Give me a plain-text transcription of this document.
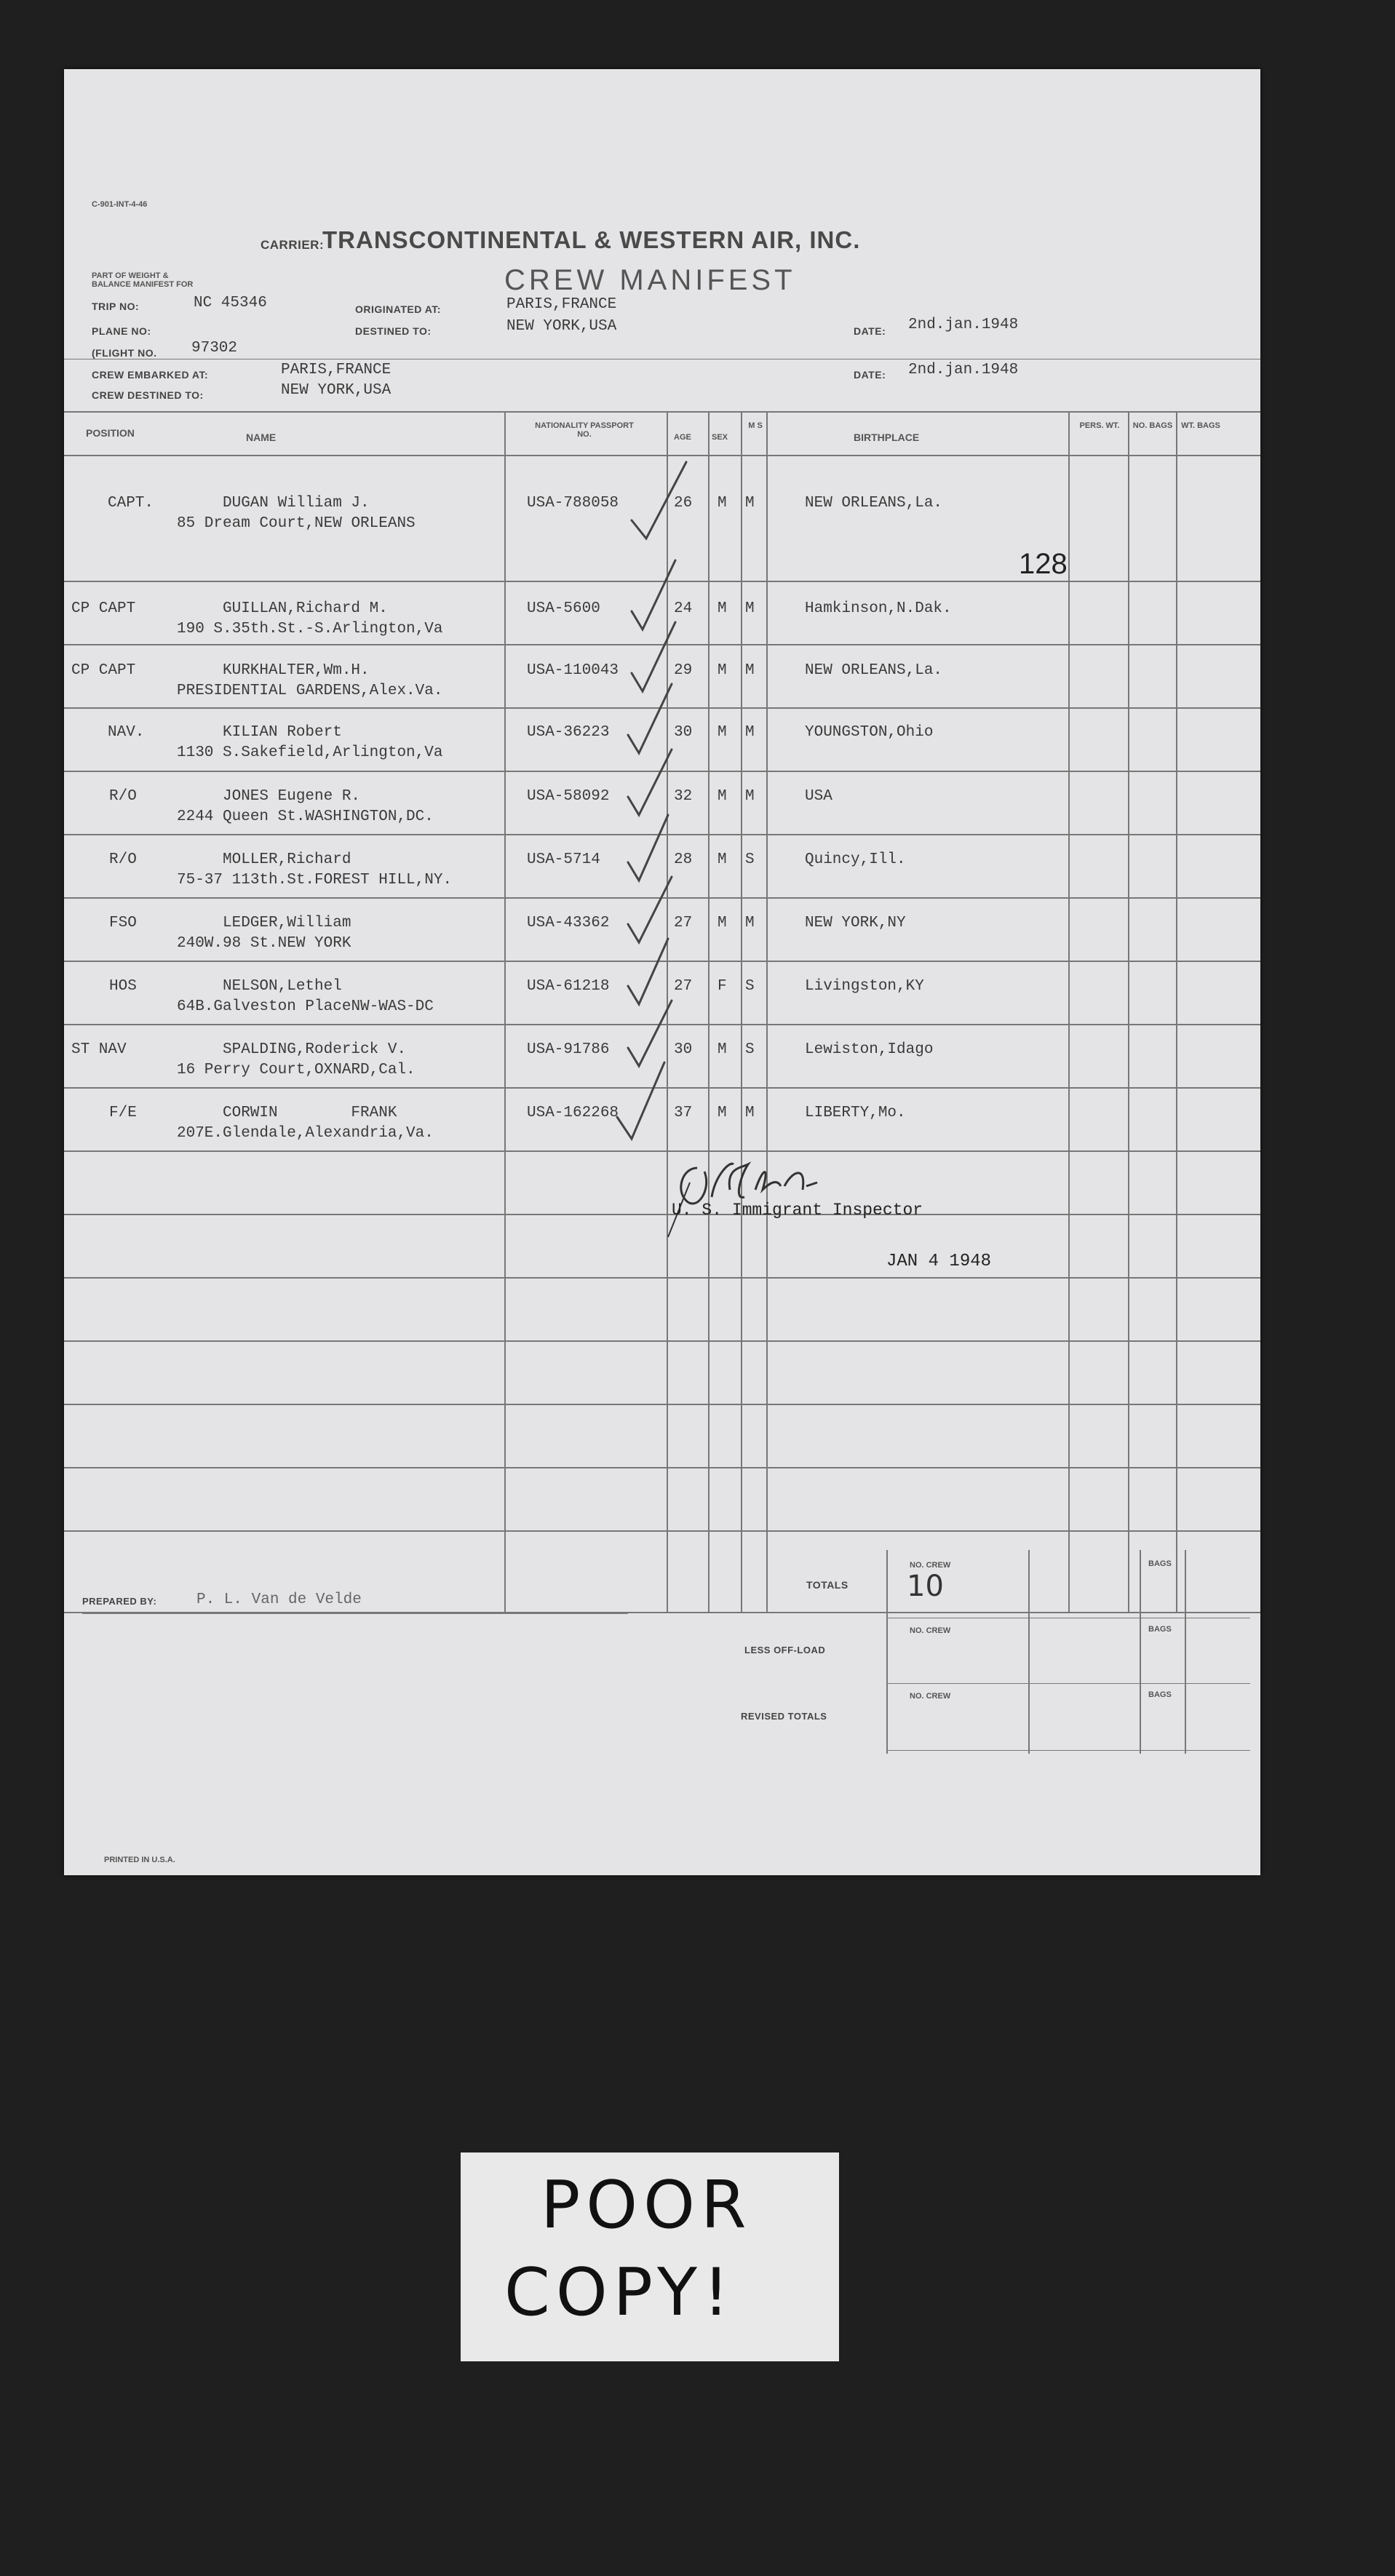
C-901-INT-4-46
CARRIER:
TRANSCONTINENTAL & WESTERN AIR, INC.
PART OF WEIGHT & BALANCE MANIFEST FOR	CREW MANIFEST
TRIP NO:	NC 45346
PLANE NO:
(FLIGHT NO. 97302
ORIGINATED AT:	PARIS,FRANCE
DESTINED TO:	NEW YORK,USA	DATE: 2nd.jan.1948
CREW EMBARKED AT:	PARIS,FRANCE
CREW DESTINED TO:	NEW YORK,USA
DATE: 2nd.jan.1948
POSITION	NAME
NATIONALITY PASSPORT NO.	AGE	SEX
M S
BIRTHPLACE
PERS. WT.	NO. BAGS WT. BAGS
CAPT.	DUGAN William J.
85 Dream Court,NEW ORLEANS
USA-788058	26 M M	NEW ORLEANS,La.
CP CAPT	GUILLAN,Richard M.
190 S.35th.St.-S.Arlington,Va
USA-5600	24 M M	Hamkinson,N.Dak.
CP CAPT	KURKHALTER,Wm.H.
PRESIDENTIAL GARDENS,Alex.Va.
USA-110043	29 M M	NEW ORLEANS,La.
NAV.	KILIAN Robert
1130 S.Sakefield,Arlington,Va
USA-36223	30 M M	YOUNGSTON,Ohio
R/O	JONES Eugene R.
2244 Queen St.WASHINGTON,DC.
USA-58092	32 M M	USA
R/O	MOLLER,Richard
75-37 113th.St.FOREST HILL,NY.
USA-5714	28 M S	Quincy,Ill.
FSO	LEDGER,William
240W.98 St.NEW YORK
USA-43362	27 M M	NEW YORK,NY
HOS	NELSON,Lethel
64B.Galveston PlaceNW-WAS-DC
USA-61218	27 F S	Livingston,KY
ST NAV	SPALDING,Roderick V.
16 Perry Court,OXNARD,Cal.
USA-91786	30 M S	Lewiston,Idago
F/E	CORWIN        FRANK
207E.Glendale,Alexandria,Va.
USA-162268	37 M M	LIBERTY,Mo.
128
U. S. Immigrant Inspector
JAN 4 1948
PREPARED BY:	P. L. Van de Velde
TOTALS
NO. CREW
10
BAGS
LESS OFF-LOAD
NO. CREW	BAGS
REVISED TOTALS
NO. CREW	BAGS
PRINTED IN U.S.A.
POOR
COPY!
